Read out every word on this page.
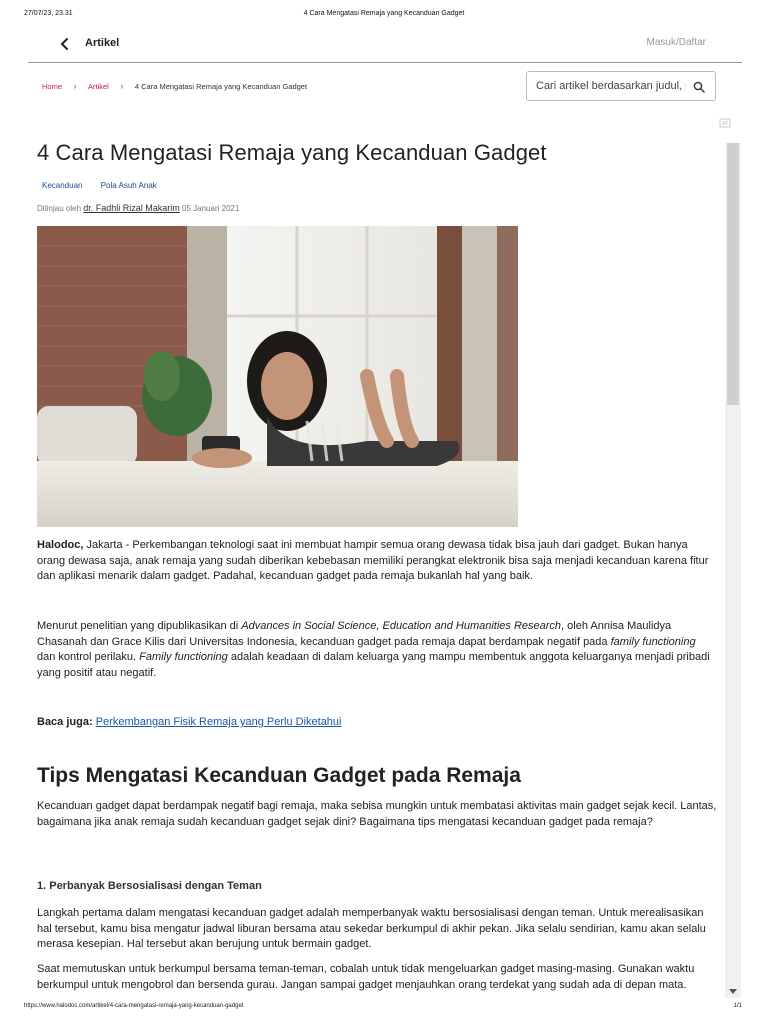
27/07/23, 23.31	4 Cara Mengatasi Remaja yang Kecanduan Gadget
Artikel	Masuk/Daftar
Home	›	Artikel	›	4 Cara Mengatasi Remaja yang Kecanduan Gadget
Cari artikel berdasarkan judul, penyakit, atau obat
4 Cara Mengatasi Remaja yang Kecanduan Gadget
Kecanduan Pola Asuh Anak
Ditinjau oleh dr. Fadhli Rizal Makarim 05 Januari 2021
Halodoc, Jakarta - Perkembangan teknologi saat ini membuat hampir semua orang dewasa tidak bisa jauh dari gadget. Bukan hanya orang dewasa saja, anak remaja yang sudah diberikan kebebasan memiliki perangkat elektronik bisa saja menjadi kecanduan karena fitur dan aplikasi menarik dalam gadget. Padahal, kecanduan gadget pada remaja bukanlah hal yang baik.
Menurut penelitian yang dipublikasikan di Advances in Social Science, Education and Humanities Research, oleh Annisa Maulidya Chasanah dan Grace Kilis dari Universitas Indonesia, kecanduan gadget pada remaja dapat berdampak negatif pada family functioning dan kontrol perilaku. Family functioning adalah keadaan di dalam keluarga yang mampu membentuk anggota keluarganya menjadi pribadi yang positif atau negatif.
Baca juga: Perkembangan Fisik Remaja yang Perlu Diketahui
Tips Mengatasi Kecanduan Gadget pada Remaja
Kecanduan gadget dapat berdampak negatif bagi remaja, maka sebisa mungkin untuk membatasi aktivitas main gadget sejak kecil. Lantas, bagaimana jika anak remaja sudah kecanduan gadget sejak dini? Bagaimana tips mengatasi kecanduan gadget pada remaja?
1. Perbanyak Bersosialisasi dengan Teman
Langkah pertama dalam mengatasi kecanduan gadget adalah memperbanyak waktu bersosialisasi dengan teman. Untuk merealisasikan hal tersebut, kamu bisa mengatur jadwal liburan bersama atau sekedar berkumpul di akhir pekan. Jika selalu sendirian, kamu akan selalu merasa kesepian. Hal tersebut akan berujung untuk bermain gadget.
Saat memutuskan untuk berkumpul bersama teman-teman, cobalah untuk tidak mengeluarkan gadget masing-masing. Gunakan waktu berkumpul untuk mengobrol dan bersenda gurau. Jangan sampai gadget menjauhkan orang terdekat yang sudah ada di depan mata.
https://www.halodoc.com/artikel/4-cara-mengatasi-remaja-yang-kecanduan-gadget	1/1
